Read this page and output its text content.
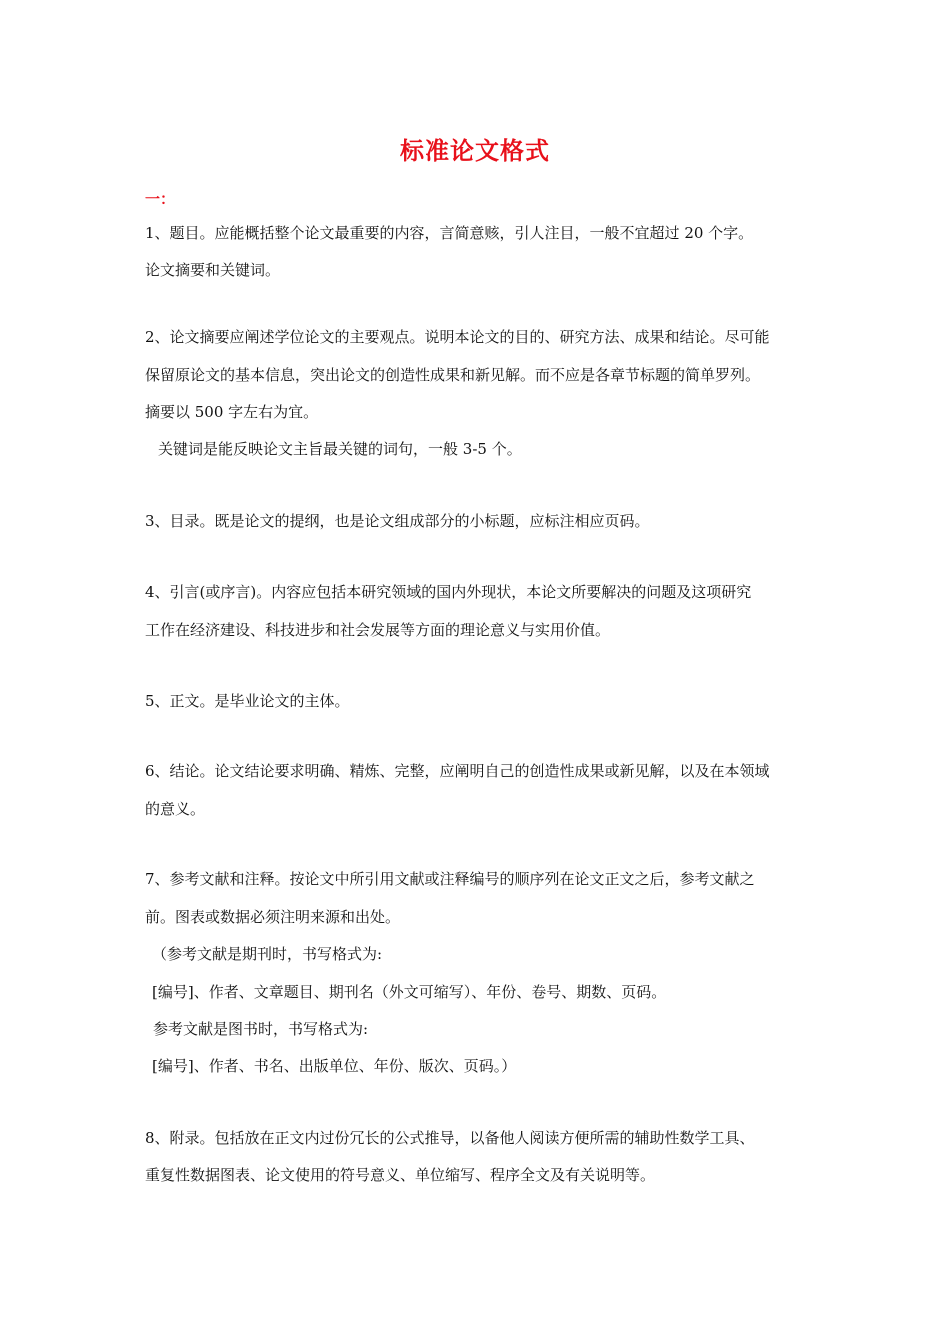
标准论文格式
一：
1、题目。应能概括整个论文最重要的内容，言简意赅，引人注目，一般不宜超过 20 个字。
论文摘要和关键词。
2、论文摘要应阐述学位论文的主要观点。说明本论文的目的、研究方法、成果和结论。尽可能
保留原论文的基本信息，突出论文的创造性成果和新见解。而不应是各章节标题的简单罗列。
摘要以 500 字左右为宜。
关键词是能反映论文主旨最关键的词句，一般 3-5 个。
3、目录。既是论文的提纲，也是论文组成部分的小标题，应标注相应页码。
4、引言(或序言)。内容应包括本研究领域的国内外现状，本论文所要解决的问题及这项研究
工作在经济建设、科技进步和社会发展等方面的理论意义与实用价值。
5、正文。是毕业论文的主体。
6、结论。论文结论要求明确、精炼、完整，应阐明自己的创造性成果或新见解，以及在本领域
的意义。
7、参考文献和注释。按论文中所引用文献或注释编号的顺序列在论文正文之后，参考文献之
前。图表或数据必须注明来源和出处。
（参考文献是期刊时，书写格式为:
[编号]、作者、文章题目、期刊名（外文可缩写）、年份、卷号、期数、页码。
参考文献是图书时，书写格式为:
[编号]、作者、书名、出版单位、年份、版次、页码。）
8、附录。包括放在正文内过份冗长的公式推导，以备他人阅读方便所需的辅助性数学工具、
重复性数据图表、论文使用的符号意义、单位缩写、程序全文及有关说明等。
